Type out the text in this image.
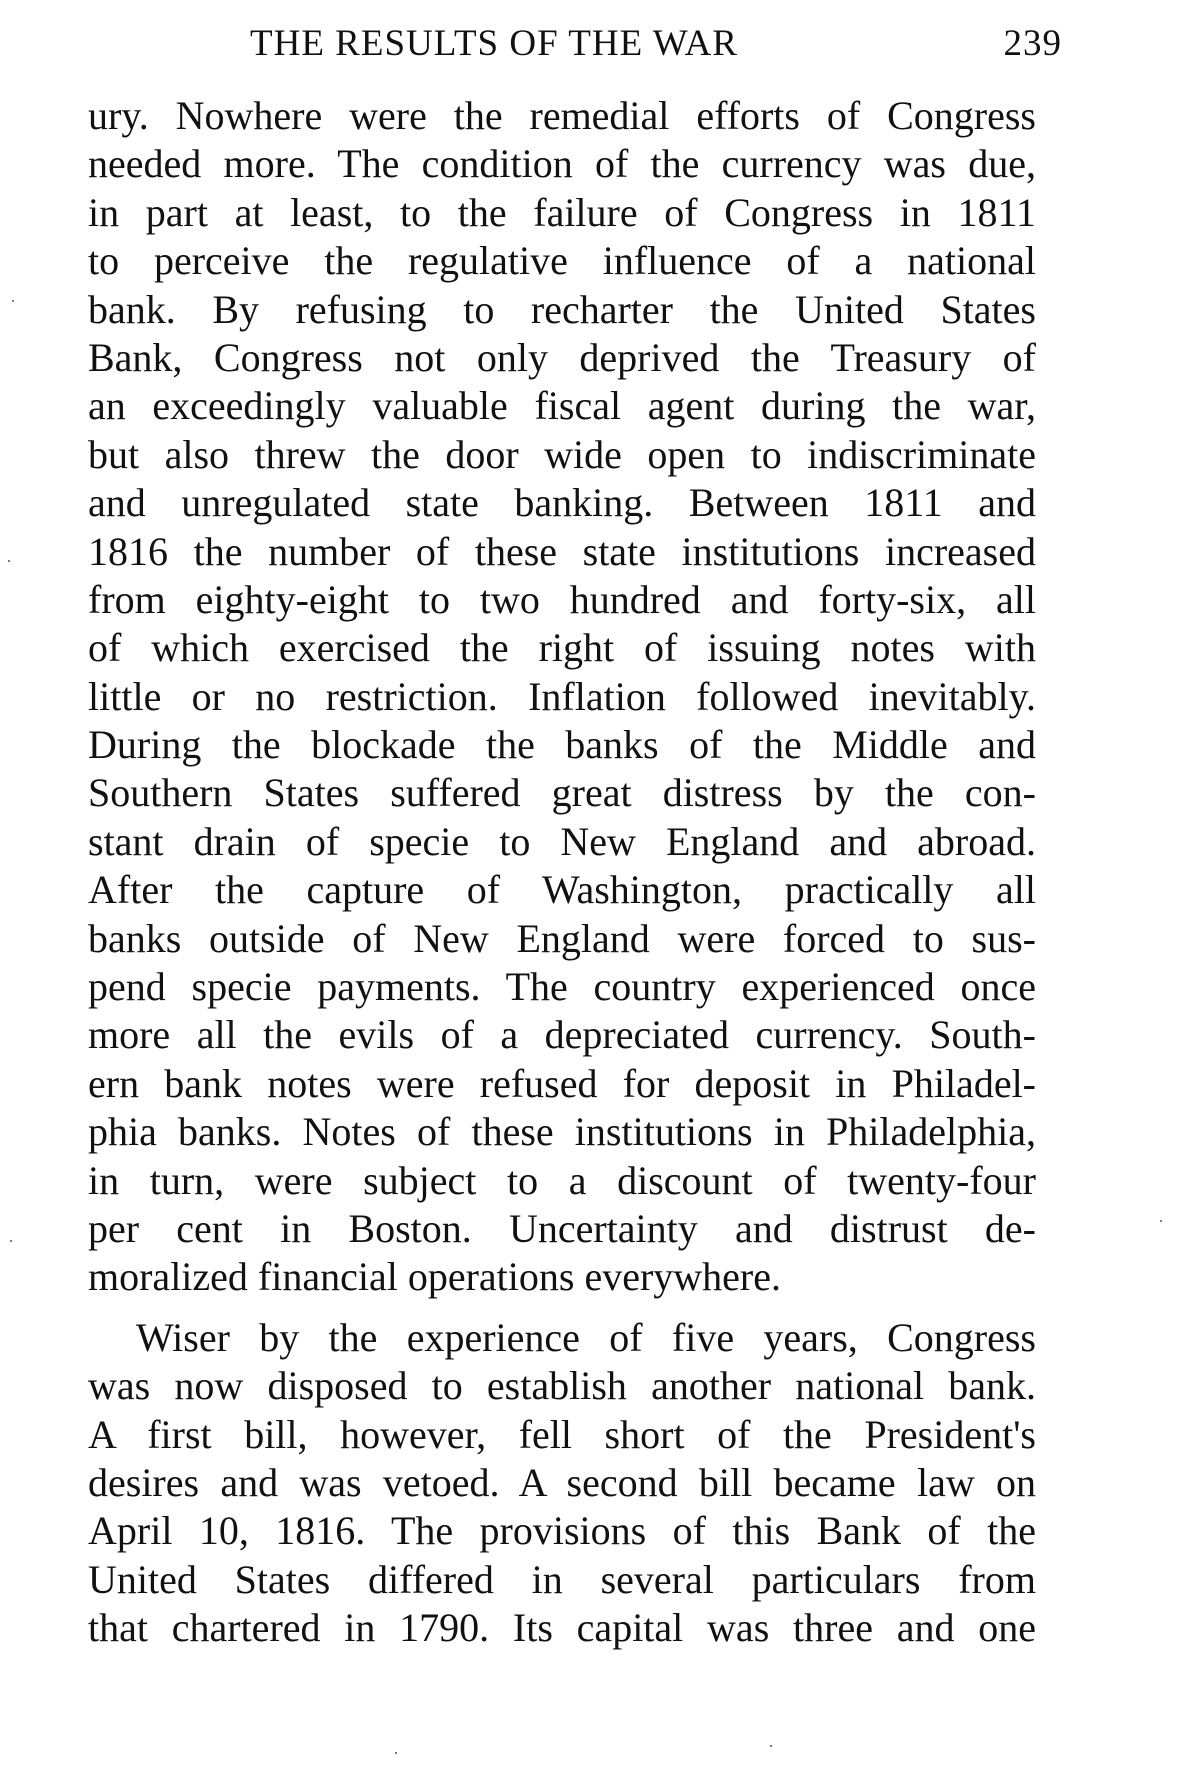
THE RESULTS OF THE WAR	239
ury. Nowhere were the remedial efforts of Congress
needed more. The condition of the currency was due,
in part at least, to the failure of Congress in 1811
to perceive the regulative influence of a national
bank. By refusing to recharter the United States
Bank, Congress not only deprived the Treasury of
an exceedingly valuable fiscal agent during the war,
but also threw the door wide open to indiscriminate
and unregulated state banking. Between 1811 and
1816 the number of these state institutions increased
from eighty-eight to two hundred and forty-six, all
of which exercised the right of issuing notes with
little or no restriction. Inflation followed inevitably.
During the blockade the banks of the Middle and
Southern States suffered great distress by the con-
stant drain of specie to New England and abroad.
After the capture of Washington, practically all
banks outside of New England were forced to sus-
pend specie payments. The country experienced once
more all the evils of a depreciated currency. South-
ern bank notes were refused for deposit in Philadel-
phia banks. Notes of these institutions in Philadelphia,
in turn, were subject to a discount of twenty-four
per cent in Boston. Uncertainty and distrust de-
moralized financial operations everywhere.
Wiser by the experience of five years, Congress
was now disposed to establish another national bank.
A first bill, however, fell short of the President's
desires and was vetoed. A second bill became law on
April 10, 1816. The provisions of this Bank of the
United States differed in several particulars from
that chartered in 1790. Its capital was three and one
